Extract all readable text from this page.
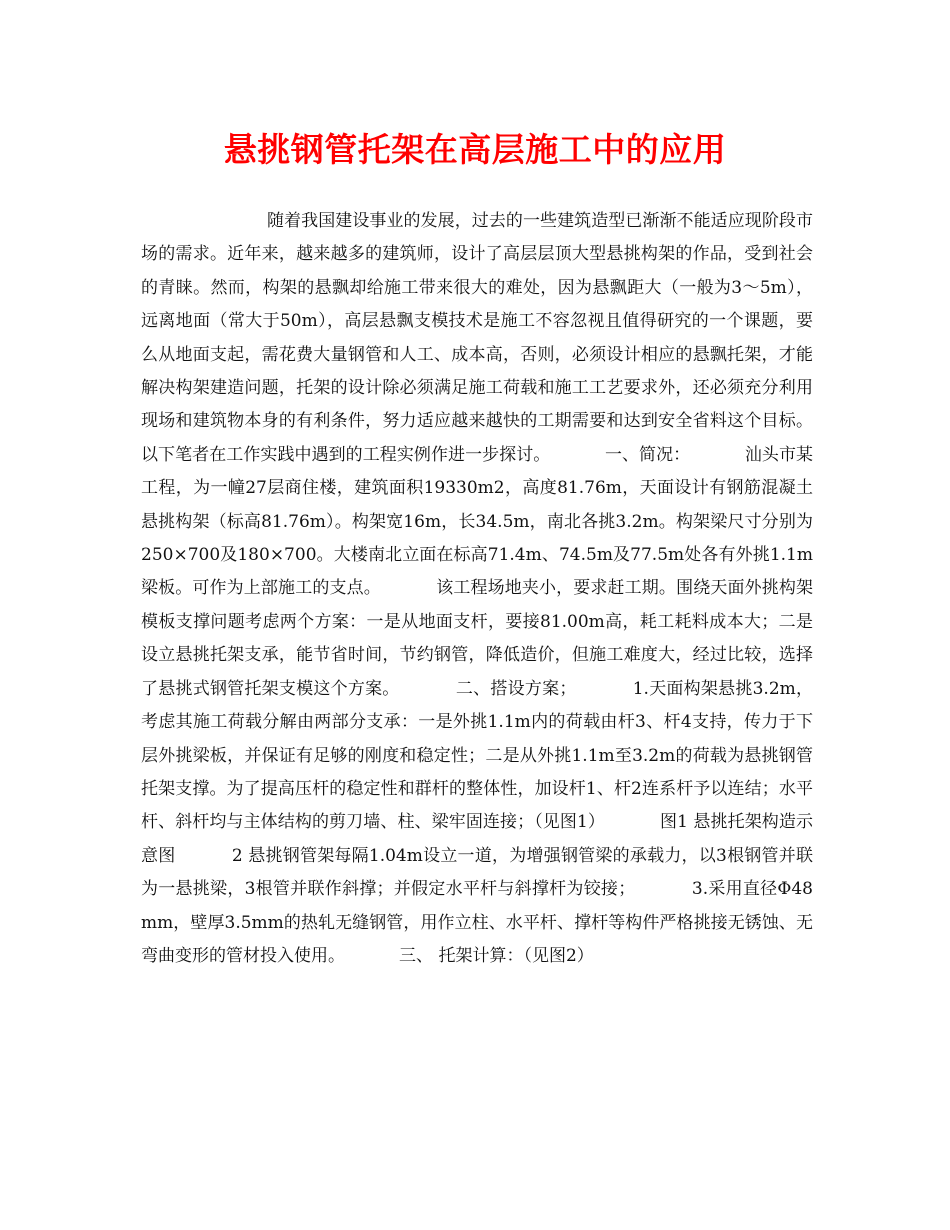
悬挑钢管托架在高层施工中的应用

随着我国建设事业的发展，过去的一些建筑造型已渐渐不能适应现阶段市场的需求。近年来，越来越多的建筑师，设计了高层层顶大型悬挑构架的作品，受到社会的青睐。然而，构架的悬飘却给施工带来很大的难处，因为悬飘距大（一般为3～5m），远离地面（常大于50m），高层悬飘支模技术是施工不容忽视且值得研究的一个课题，要么从地面支起，需花费大量钢管和人工、成本高，否则，必须设计相应的悬飘托架，才能解决构架建造问题，托架的设计除必须满足施工荷载和施工工艺要求外，还必须充分利用现场和建筑物本身的有利条件，努力适应越来越快的工期需要和达到安全省料这个目标。以下笔者在工作实践中遇到的工程实例作进一步探讨。          一、简况：          汕头市某工程，为一幢27层商住楼，建筑面积19330m2，高度81.76m，天面设计有钢筋混凝土悬挑构架（标高81.76m）。构架宽16m，长34.5m，南北各挑3.2m。构架梁尺寸分别为250×700及180×700。大楼南北立面在标高71.4m、74.5m及77.5m处各有外挑1.1m梁板。可作为上部施工的支点。          该工程场地夹小，要求赶工期。围绕天面外挑构架模板支撑问题考虑两个方案：一是从地面支杆，要接81.00m高，耗工耗料成本大；二是设立悬挑托架支承，能节省时间，节约钢管，降低造价，但施工难度大，经过比较，选择了悬挑式钢管托架支模这个方案。          二、搭设方案；          1.天面构架悬挑3.2m，考虑其施工荷载分解由两部分支承：一是外挑1.1m内的荷载由杆3、杆4支持，传力于下层外挑梁板，并保证有足够的刚度和稳定性；二是从外挑1.1m至3.2m的荷载为悬挑钢管托架支撑。为了提高压杆的稳定性和群杆的整体性，加设杆1、杆2连系杆予以连结；水平杆、斜杆均与主体结构的剪刀墙、柱、梁牢固连接；（见图1）          图1 悬挑托架构造示意图          2 悬挑钢管架每隔1.04m设立一道，为增强钢管梁的承载力，以3根钢管并联为一悬挑梁，3根管并联作斜撑；并假定水平杆与斜撑杆为铰接；          3.采用直径Φ48mm，壁厚3.5mm的热轧无缝钢管，用作立柱、水平杆、撑杆等构件严格挑接无锈蚀、无弯曲变形的管材投入使用。          三、 托架计算：（见图2）
